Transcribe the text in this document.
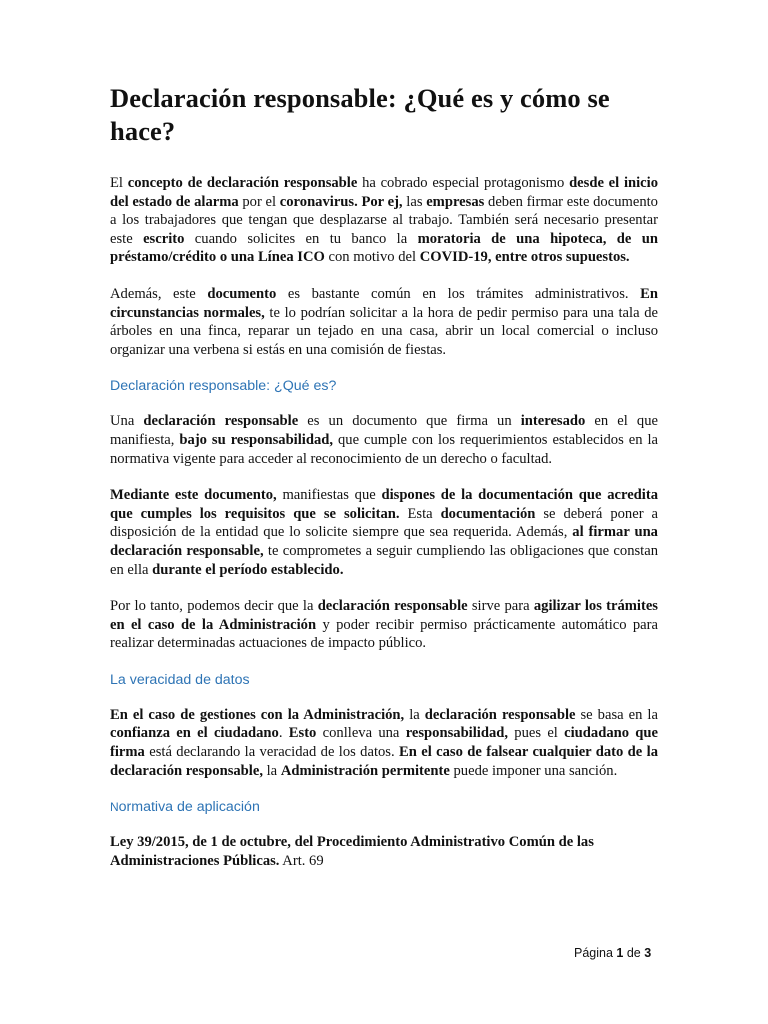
Declaración responsable: ¿Qué es y cómo se hace?

El concepto de declaración responsable ha cobrado especial protagonismo desde el inicio del estado de alarma por el coronavirus. Por ej, las empresas deben firmar este documento a los trabajadores que tengan que desplazarse al trabajo. También será necesario presentar este escrito cuando solicites en tu banco la moratoria de una hipoteca, de un préstamo/crédito o una Línea ICO con motivo del COVID-19, entre otros supuestos.

Además, este documento es bastante común en los trámites administrativos. En circunstancias normales, te lo podrían solicitar a la hora de pedir permiso para una tala de árboles en una finca, reparar un tejado en una casa, abrir un local comercial o incluso organizar una verbena si estás en una comisión de fiestas.

Declaración responsable: ¿Qué es?

Una declaración responsable es un documento que firma un interesado en el que manifiesta, bajo su responsabilidad, que cumple con los requerimientos establecidos en la normativa vigente para acceder al reconocimiento de un derecho o facultad.

Mediante este documento, manifiestas que dispones de la documentación que acredita que cumples los requisitos que se solicitan. Esta documentación se deberá poner a disposición de la entidad que lo solicite siempre que sea requerida. Además, al firmar una declaración responsable, te comprometes a seguir cumpliendo las obligaciones que constan en ella durante el período establecido.

Por lo tanto, podemos decir que la declaración responsable sirve para agilizar los trámites en el caso de la Administración y poder recibir permiso prácticamente automático para realizar determinadas actuaciones de impacto público.

La veracidad de datos

En el caso de gestiones con la Administración, la declaración responsable se basa en la confianza en el ciudadano. Esto conlleva una responsabilidad, pues el ciudadano que firma está declarando la veracidad de los datos. En el caso de falsear cualquier dato de la declaración responsable, la Administración permitente puede imponer una sanción.

Normativa de aplicación

Ley 39/2015, de 1 de octubre, del Procedimiento Administrativo Común de las Administraciones Públicas. Art. 69

Página 1 de 3
